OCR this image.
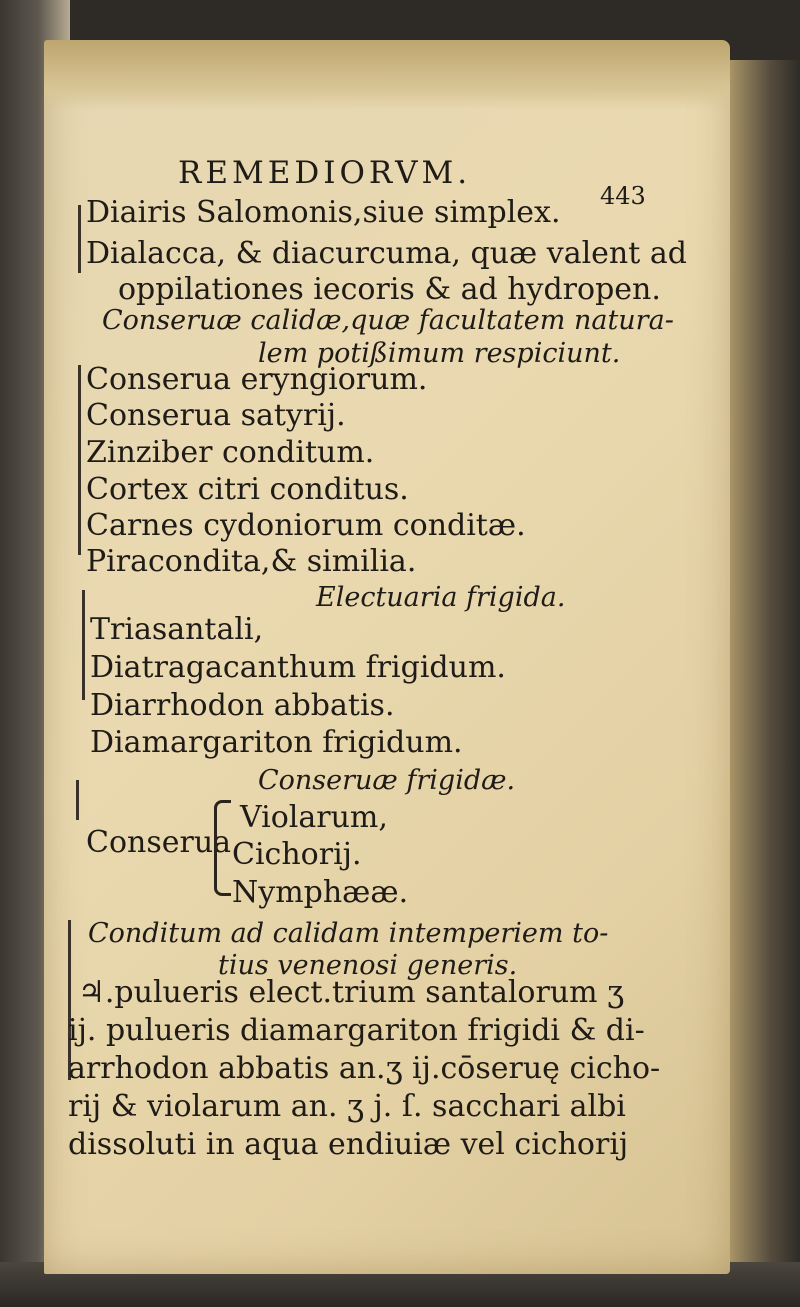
REMEDIORVM.
443
Diairis Salomonis,siue simplex.
Dialacca, & diacurcuma, quæ valent ad
oppilationes iecoris & ad hydropen.
Conseruæ calidæ,quæ facultatem natura-
lem potißimum respiciunt.
Conserua eryngiorum.
Conserua satyrij.
Zinziber conditum.
Cortex citri conditus.
Carnes cydoniorum conditæ.
Piracondita,& similia.
Electuaria frigida.
Triasantali,
Diatragacanthum frigidum.
Diarrhodon abbatis.
Diamargariton frigidum.
Conseruæ frigidæ.
Violarum,
Conserua Cichorij.
Nymphææ.
Conditum ad calidam intemperiem to-
tius venenosi generis.
♃.pulueris elect.trium santalorum ʒ
ij. pulueris diamargariton frigidi & di-
arrhodon abbatis an.ʒ ij.cōseruę cicho-
rij & violarum an. ʒ j. ſ. sacchari albi
dissoluti in aqua endiuiæ vel cichorij
